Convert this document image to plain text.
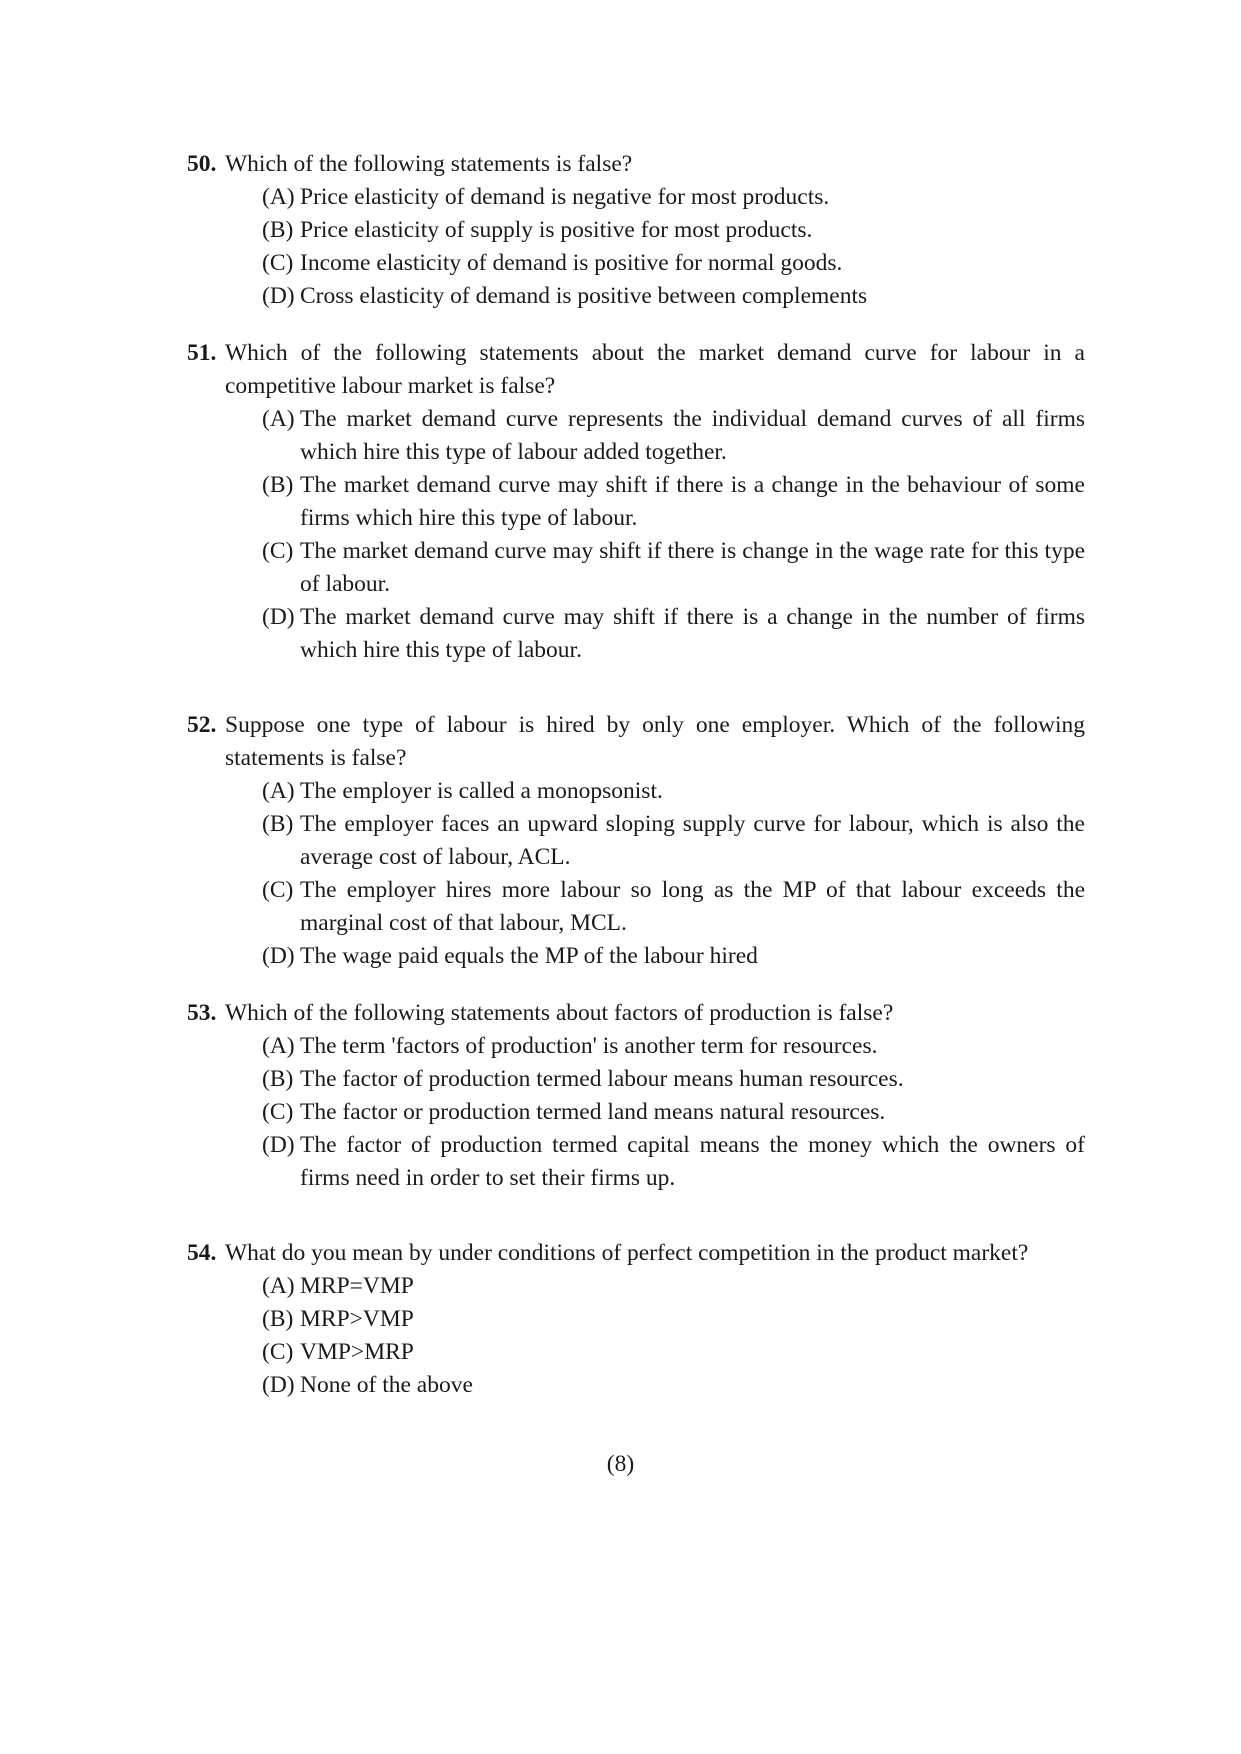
50. Which of the following statements is false?
(A) Price elasticity of demand is negative for most products.
(B) Price elasticity of supply is positive for most products.
(C) Income elasticity of demand is positive for normal goods.
(D) Cross elasticity of demand is positive between complements
51. Which of the following statements about the market demand curve for labour in a competitive labour market is false?
(A) The market demand curve represents the individual demand curves of all firms which hire this type of labour added together.
(B) The market demand curve may shift if there is a change in the behaviour of some firms which hire this type of labour.
(C) The market demand curve may shift if there is change in the wage rate for this type of labour.
(D) The market demand curve may shift if there is a change in the number of firms which hire this type of labour.
52. Suppose one type of labour is hired by only one employer. Which of the following statements is false?
(A) The employer is called a monopsonist.
(B) The employer faces an upward sloping supply curve for labour, which is also the average cost of labour, ACL.
(C) The employer hires more labour so long as the MP of that labour exceeds the marginal cost of that labour, MCL.
(D) The wage paid equals the MP of the labour hired
53. Which of the following statements about factors of production is false?
(A) The term 'factors of production' is another term for resources.
(B) The factor of production termed labour means human resources.
(C) The factor or production termed land means natural resources.
(D) The factor of production termed capital means the money which the owners of firms need in order to set their firms up.
54. What do you mean by under conditions of perfect competition in the product market?
(A) MRP=VMP
(B) MRP>VMP
(C) VMP>MRP
(D) None of the above
(8)
